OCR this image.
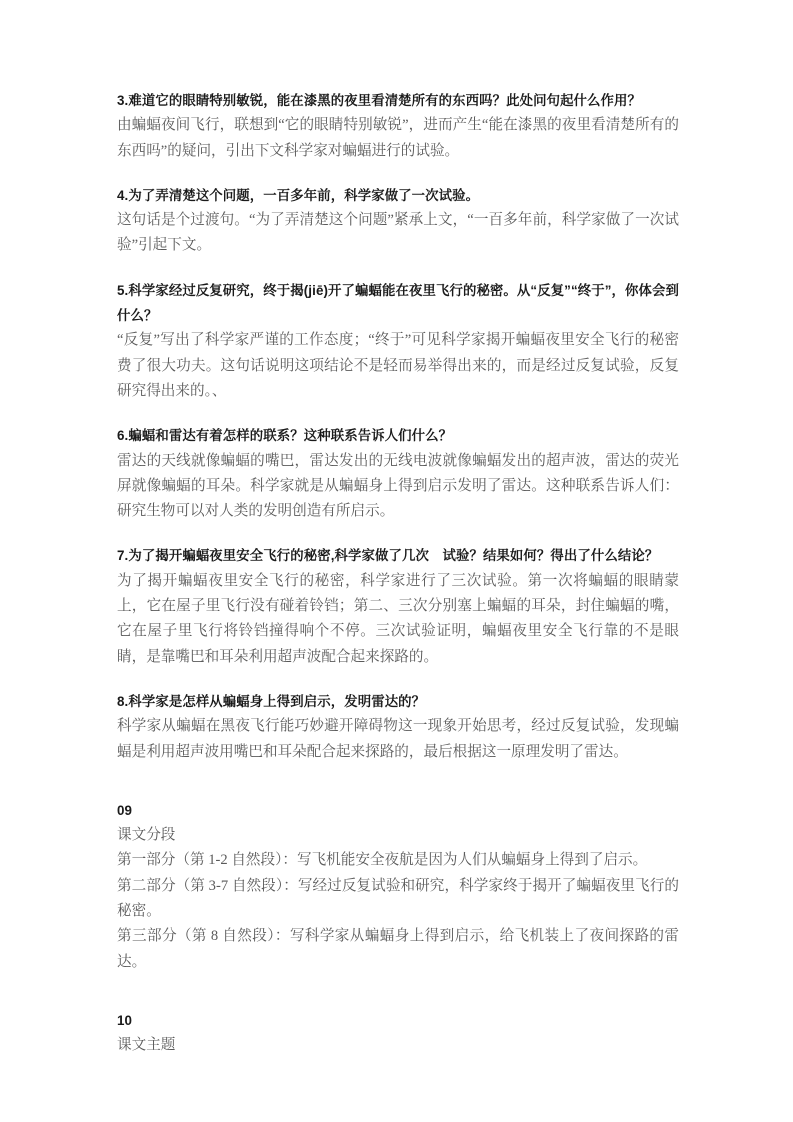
3.难道它的眼睛特别敏锐，能在漆黑的夜里看清楚所有的东西吗？此处问句起什么作用？

由蝙蝠夜间飞行，联想到“它的眼睛特别敏锐”，进而产生“能在漆黑的夜里看清楚所有的东西吗”的疑问，引出下文科学家对蝙蝠进行的试验。

4.为了弄清楚这个问题，一百多年前，科学家做了一次试验。

这句话是个过渡句。“为了弄清楚这个问题”紧承上文，“一百多年前，科学家做了一次试验”引起下文。

5.科学家经过反复研究，终于揭(jiē)开了蝙蝠能在夜里飞行的秘密。从“反复”“终于”，你体会到什么？

“反复”写出了科学家严谨的工作态度；“终于”可见科学家揭开蝙蝠夜里安全飞行的秘密费了很大功夫。这句话说明这项结论不是轻而易举得出来的，而是经过反复试验，反复研究得出来的。、

6.蝙蝠和雷达有着怎样的联系？这种联系告诉人们什么？

雷达的天线就像蝙蝠的嘴巴，雷达发出的无线电波就像蝙蝠发出的超声波，雷达的荧光屏就像蝙蝠的耳朵。科学家就是从蝙蝠身上得到启示发明了雷达。这种联系告诉人们：研究生物可以对人类的发明创造有所启示。

7.为了揭开蝙蝠夜里安全飞行的秘密,科学家做了几次　试验？结果如何？得出了什么结论？

为了揭开蝙蝠夜里安全飞行的秘密，科学家进行了三次试验。第一次将蝙蝠的眼睛蒙上，它在屋子里飞行没有碰着铃铛；第二、三次分别塞上蝙蝠的耳朵，封住蝙蝠的嘴，它在屋子里飞行将铃铛撞得响个不停。三次试验证明，蝙蝠夜里安全飞行靠的不是眼睛，是靠嘴巴和耳朵利用超声波配合起来探路的。

8.科学家是怎样从蝙蝠身上得到启示，发明雷达的？

科学家从蝙蝠在黑夜飞行能巧妙避开障碍物这一现象开始思考，经过反复试验，发现蝙蝠是利用超声波用嘴巴和耳朵配合起来探路的，最后根据这一原理发明了雷达。

09

课文分段

第一部分（第 1-2 自然段）：写飞机能安全夜航是因为人们从蝙蝠身上得到了启示。

第二部分（第 3-7 自然段）：写经过反复试验和研究，科学家终于揭开了蝙蝠夜里飞行的秘密。

第三部分（第 8 自然段）：写科学家从蝙蝠身上得到启示，给飞机装上了夜间探路的雷达。

10

课文主题
